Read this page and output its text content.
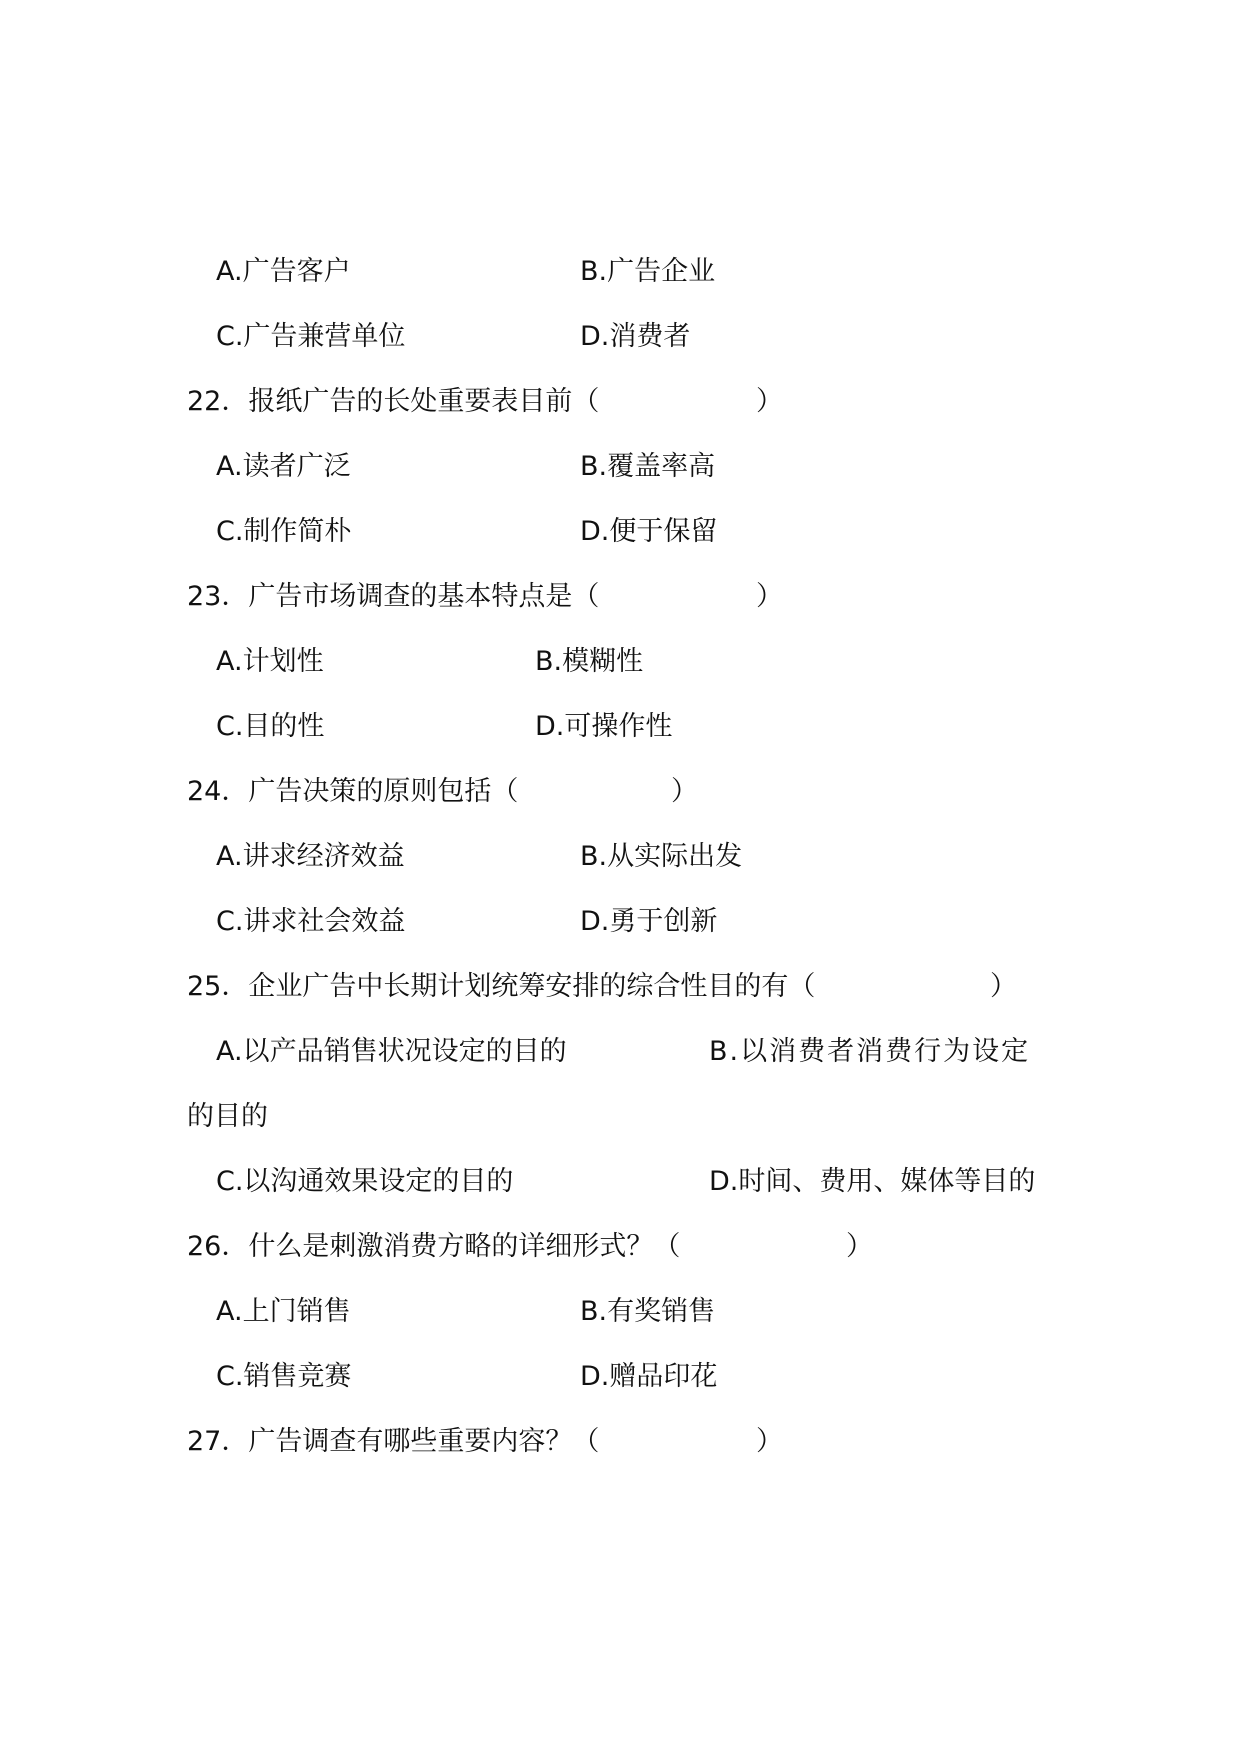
A.广告客户	B.广告企业
C.广告兼营单位	D.消费者
22．报纸广告的长处重要表目前（	）
A.读者广泛	B.覆盖率高
C.制作简朴	D.便于保留
23．广告市场调查的基本特点是（	）
A.计划性	B.模糊性
C.目的性	D.可操作性
24．广告决策的原则包括（	）
A.讲求经济效益	B.从实际出发
C.讲求社会效益	D.勇于创新
25．企业广告中长期计划统筹安排的综合性目的有（	）
A.以产品销售状况设定的目的	B.以消费者消费行为设定
的目的
C.以沟通效果设定的目的	D.时间、费用、媒体等目的
26．什么是刺激消费方略的详细形式？（	）
A.上门销售	B.有奖销售
C.销售竞赛	D.赠品印花
27．广告调查有哪些重要内容？（	）
